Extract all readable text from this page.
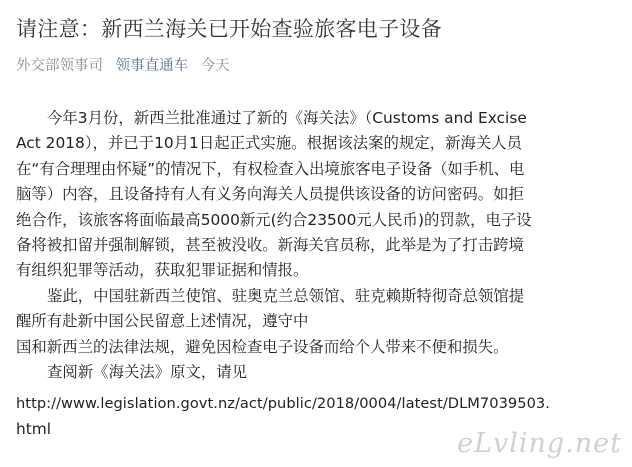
请注意：新西兰海关已开始查验旅客电子设备
外交部领事司 领事直通车 今天

今年3月份，新西兰批准通过了新的《海关法》（Customs and Excise

Act 2018），并已于10月1日起正式实施。根据该法案的规定，新海关人员

在“有合理理由怀疑”的情况下，有权检查入出境旅客电子设备（如手机、电

脑等）内容，且设备持有人有义务向海关人员提供该设备的访问密码。如拒

绝合作，该旅客将面临最高5000新元(约合23500元人民币)的罚款，电子设

备将被扣留并强制解锁，甚至被没收。新海关官员称，此举是为了打击跨境

有组织犯罪等活动，获取犯罪证据和情报。

鉴此，中国驻新西兰使馆、驻奥克兰总领馆、驻克赖斯特彻奇总领馆提

醒所有赴新中国公民留意上述情况，遵守中

国和新西兰的法律法规，避免因检查电子设备而给个人带来不便和损失。

查阅新《海关法》原文，请见

http://www.legislation.govt.nz/act/public/2018/0004/latest/DLM7039503.

html	eLvling.net
